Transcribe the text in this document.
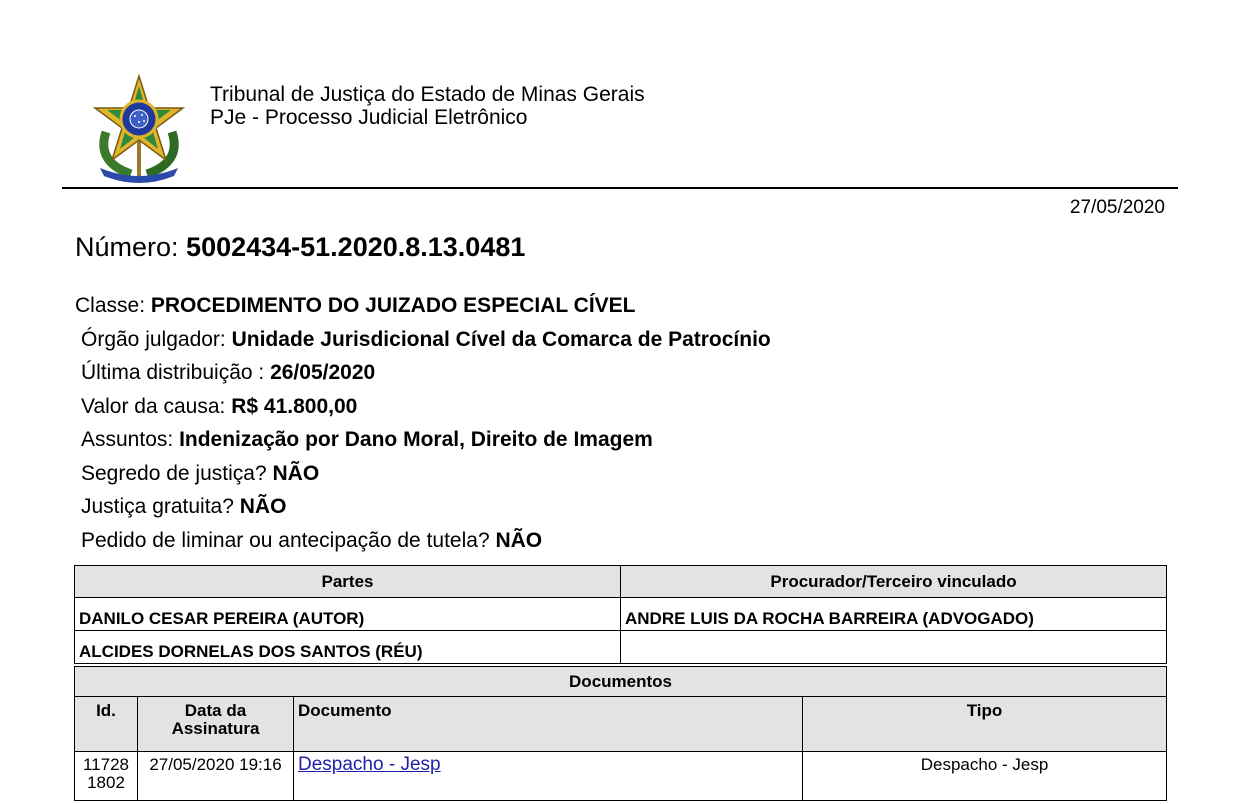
Tribunal de Justiça do Estado de Minas Gerais
PJe - Processo Judicial Eletrônico
27/05/2020
Número: 5002434-51.2020.8.13.0481
Classe: PROCEDIMENTO DO JUIZADO ESPECIAL CÍVEL
Órgão julgador: Unidade Jurisdicional Cível da Comarca de Patrocínio
Última distribuição : 26/05/2020
Valor da causa: R$ 41.800,00
Assuntos: Indenização por Dano Moral, Direito de Imagem
Segredo de justiça? NÃO
Justiça gratuita? NÃO
Pedido de liminar ou antecipação de tutela? NÃO
Partes	Procurador/Terceiro vinculado
DANILO CESAR PEREIRA (AUTOR)	ANDRE LUIS DA ROCHA BARREIRA (ADVOGADO)
ALCIDES DORNELAS DOS SANTOS (RÉU)	
Documentos			
Id.	Data da Assinatura	Documento	Tipo
117281802	27/05/2020 19:16	Despacho - Jesp	Despacho - Jesp
